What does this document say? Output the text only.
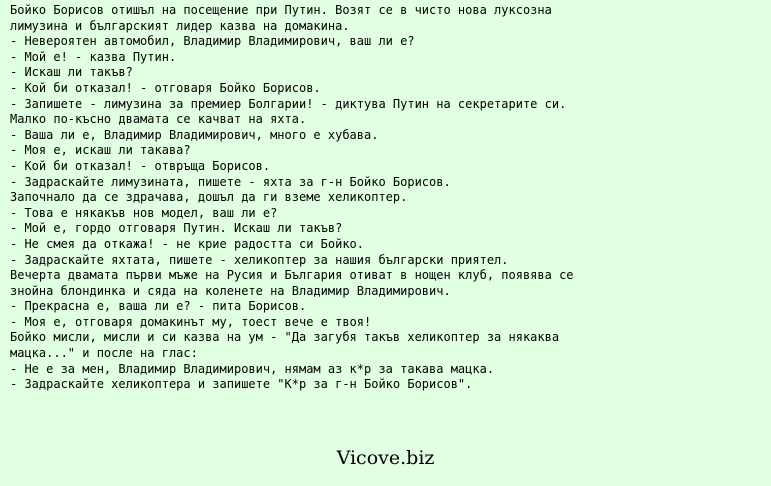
Бойко Борисов отишъл на посещение при Путин. Возят се в чисто нова луксозна
лимузина и българският лидер казва на домакина.
- Невероятен автомобил, Владимир Владимирович, ваш ли е?
- Мой е! - казва Путин.
- Искаш ли такъв?
- Кой би отказал! - отговаря Бойко Борисов.
- Запишете - лимузина за премиер Болгарии! - диктува Путин на секретарите си.
Малко по-късно двамата се качват на яхта.
- Ваша ли е, Владимир Владимирович, много е хубава.
- Моя е, искаш ли такава?
- Кой би отказал! - отвръща Борисов.
- Задраскайте лимузината, пишете - яхта за г-н Бойко Борисов.
Започнало да се здрачава, дошъл да ги вземе хеликоптер.
- Това е някакъв нов модел, ваш ли е?
- Мой е, гордо отговаря Путин. Искаш ли такъв?
- Не смея да откажа! - не крие радостта си Бойко.
- Задраскайте яхтата, пишете - хеликоптер за нашия български приятел.
Вечерта двамата първи мъже на Русия и България отиват в нощен клуб, появява се
знойна блондинка и сяда на коленете на Владимир Владимирович.
- Прекрасна е, ваша ли е? - пита Борисов.
- Моя е, отговаря домакинът му, тоест вече е твоя!
Бойко мисли, мисли и си казва на ум - "Да загубя такъв хеликоптер за някаква
мацка..." и после на глас:
- Не е за мен, Владимир Владимирович, нямам аз к*р за такава мацка.
- Задраскайте хеликоптера и запишете "К*р за г-н Бойко Борисов".
Vicove.biz
